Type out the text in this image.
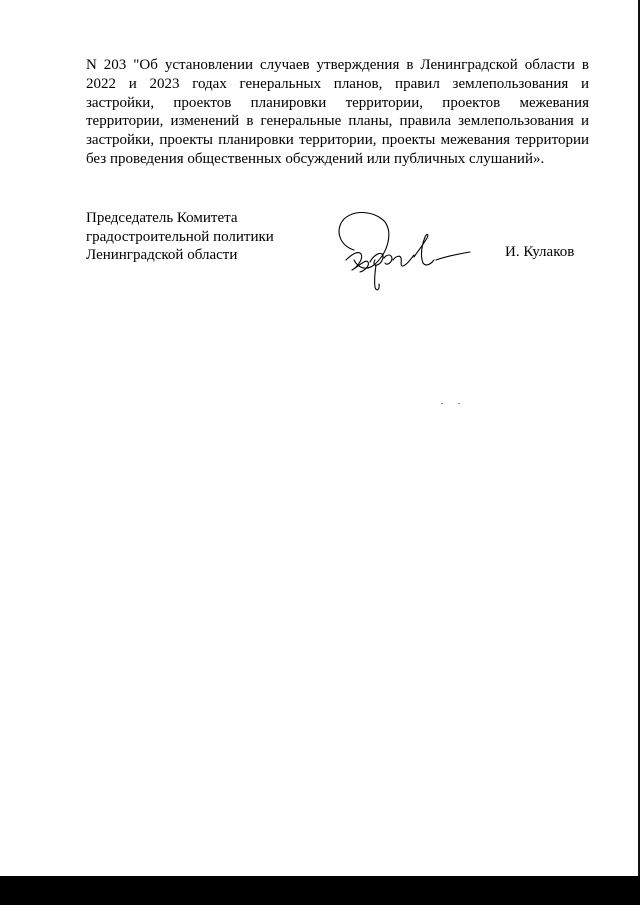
N 203 "Об установлении случаев утверждения в Ленинградской области в 2022 и 2023 годах генеральных планов, правил землепользования и застройки, проектов планировки территории, проектов межевания территории, изменений в генеральные планы, правила землепользования и застройки, проекты планировки территории, проекты межевания территории без проведения общественных обсуждений или публичных слушаний».

Председатель Комитета
градостроительной политики
Ленинградской области	И. Кулаков
